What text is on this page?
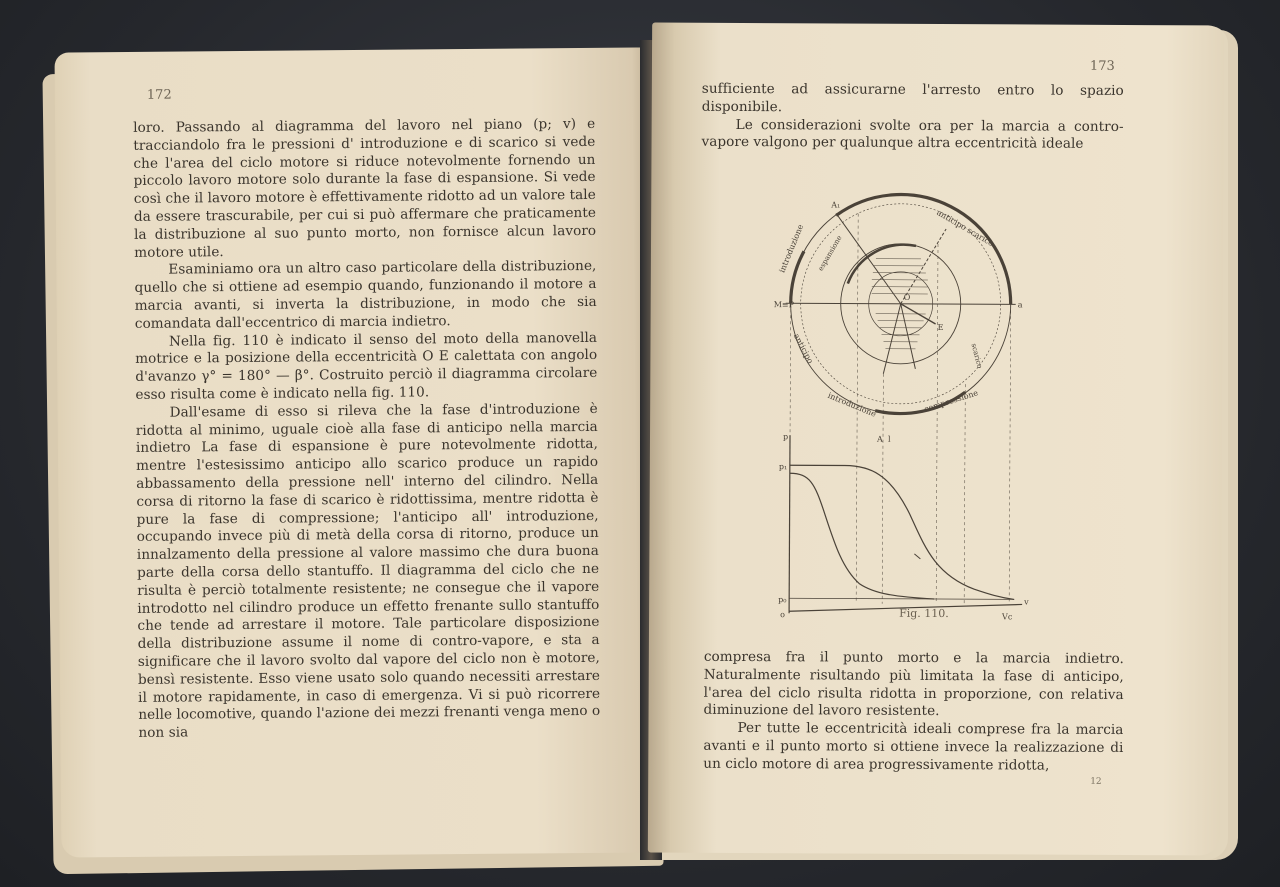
172

loro. Passando al diagramma del lavoro nel piano (p; v) e tracciandolo fra le pressioni d' introduzione e di scarico si vede che l'area del ciclo motore si riduce notevolmente fornendo un piccolo lavoro motore solo durante la fase di espansione. Si vede così che il lavoro motore è effettivamente ridotto ad un valore tale da essere trascurabile, per cui si può affermare che praticamente la distribuzione al suo punto morto, non fornisce alcun lavoro motore utile.

Esaminiamo ora un altro caso particolare della distribuzione, quello che si ottiene ad esempio quando, funzionando il motore a marcia avanti, si inverta la distribuzione, in modo che sia comandata dall'eccentrico di marcia indietro.

Nella fig. 110 è indicato il senso del moto della manovella motrice e la posizione della eccentricità O E calettata con angolo d'avanzo γ° = 180° — β°. Costruito perciò il diagramma circolare esso risulta come è indicato nella fig. 110.

Dall'esame di esso si rileva che la fase d'introduzione è ridotta al minimo, uguale cioè alla fase di anticipo nella marcia indietro La fase di espansione è pure notevolmente ridotta, mentre l'estesissimo anticipo allo scarico produce un rapido abbassamento della pressione nell' interno del cilindro. Nella corsa di ritorno la fase di scarico è ridottissima, mentre ridotta è pure la fase di compressione; l'anticipo all' introduzione, occupando invece più di metà della corsa di ritorno, produce un innalzamento della pressione al valore massimo che dura buona parte della corsa dello stantuffo. Il diagramma del ciclo che ne risulta è perciò totalmente resistente; ne consegue che il vapore introdotto nel cilindro produce un effetto frenante sullo stantuffo che tende ad arrestare il motore. Tale particolare disposizione della distribuzione assume il nome di contro-vapore, e sta a significare che il lavoro svolto dal vapore del ciclo non è motore, bensì resistente. Esso viene usato solo quando necessiti arrestare il motore rapidamente, in caso di emergenza. Vi si può ricorrere nelle locomotive, quando l'azione dei mezzi frenanti venga meno o non sia

173

sufficiente ad assicurarne l'arresto entro lo spazio disponibile.

Le considerazioni svolte ora per la marcia a contro-vapore valgono per qualunque altra eccentricità ideale

A₁
a
M≡P
O
E
A l
p
v
p₁
p₀
o	Vc
anticipo scarico
introduzione espansione
anticipo
introduzione	compressione
scarico
Fig. 110.

compresa fra il punto morto e la marcia indietro. Naturalmente risultando più limitata la fase di anticipo, l'area del ciclo risulta ridotta in proporzione, con relativa diminuzione del lavoro resistente.

Per tutte le eccentricità ideali comprese fra la marcia avanti e il punto morto si ottiene invece la realizzazione di un ciclo motore di area progressivamente ridotta,

12
